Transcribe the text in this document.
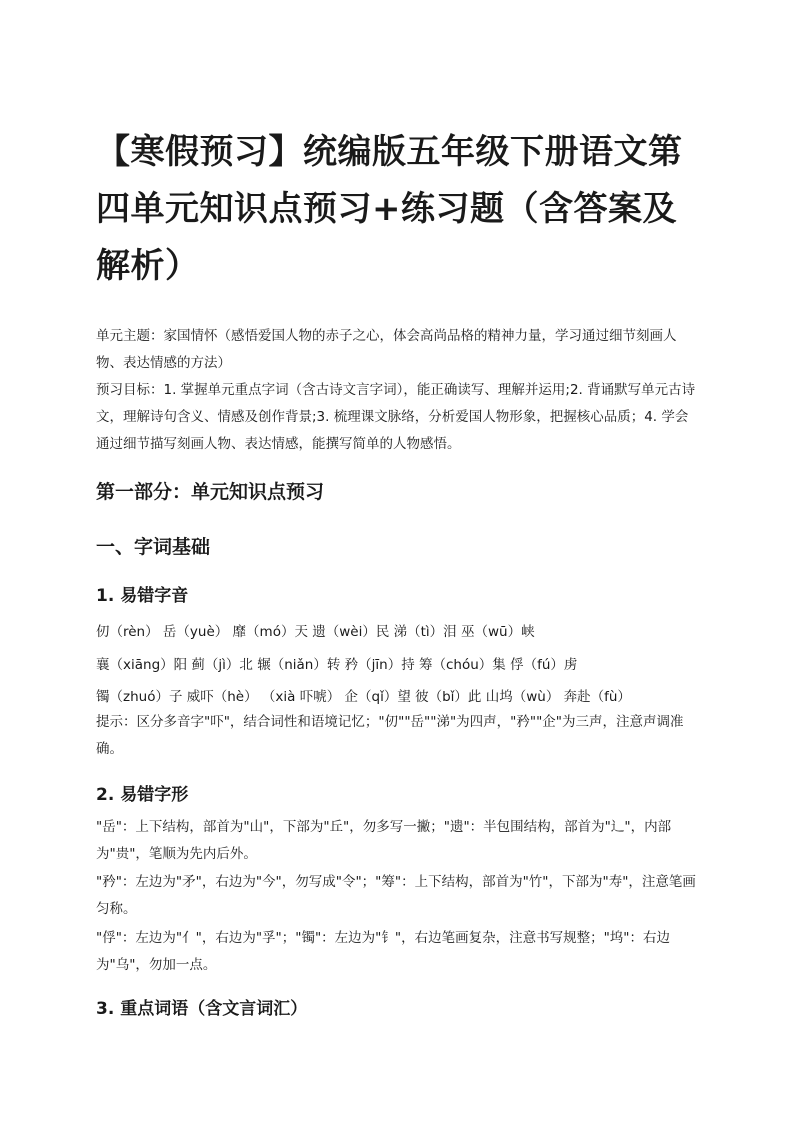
【寒假预习】统编版五年级下册语文第四单元知识点预习+练习题（含答案及解析）
单元主题：家国情怀（感悟爱国人物的赤子之心，体会高尚品格的精神力量，学习通过细节刻画人物、表达情感的方法）
预习目标：1. 掌握单元重点字词（含古诗文言字词），能正确读写、理解并运用;2. 背诵默写单元古诗文，理解诗句含义、情感及创作背景;3. 梳理课文脉络，分析爱国人物形象，把握核心品质；4. 学会通过细节描写刻画人物、表达情感，能撰写简单的人物感悟。
第一部分：单元知识点预习
一、字词基础
1. 易错字音
仞（rèn） 岳（yuè） 靡（mó）天 遗（wèi）民 涕（tì）泪 巫（wū）峡
襄（xiāng）阳 蓟（jì）北 辗（niǎn）转 矜（jīn）持 筹（chóu）集 俘（fú）虏
镯（zhuó）子 威吓（hè） （xià 吓唬） 企（qǐ）望 彼（bǐ）此 山坞（wù） 奔赴（fù）
提示：区分多音字"吓"，结合词性和语境记忆；"仞""岳""涕"为四声，"矜""企"为三声，注意声调准确。
2. 易错字形
"岳"：上下结构，部首为"山"，下部为"丘"，勿多写一撇；"遗"：半包围结构，部首为"辶"，内部为"贵"，笔顺为先内后外。
"矜"：左边为"矛"，右边为"今"，勿写成"令"；"筹"：上下结构，部首为"竹"，下部为"寿"，注意笔画匀称。
"俘"：左边为"亻"，右边为"孚"；"镯"：左边为"钅"，右边笔画复杂，注意书写规整；"坞"：右边为"乌"，勿加一点。
3. 重点词语（含文言词汇）
